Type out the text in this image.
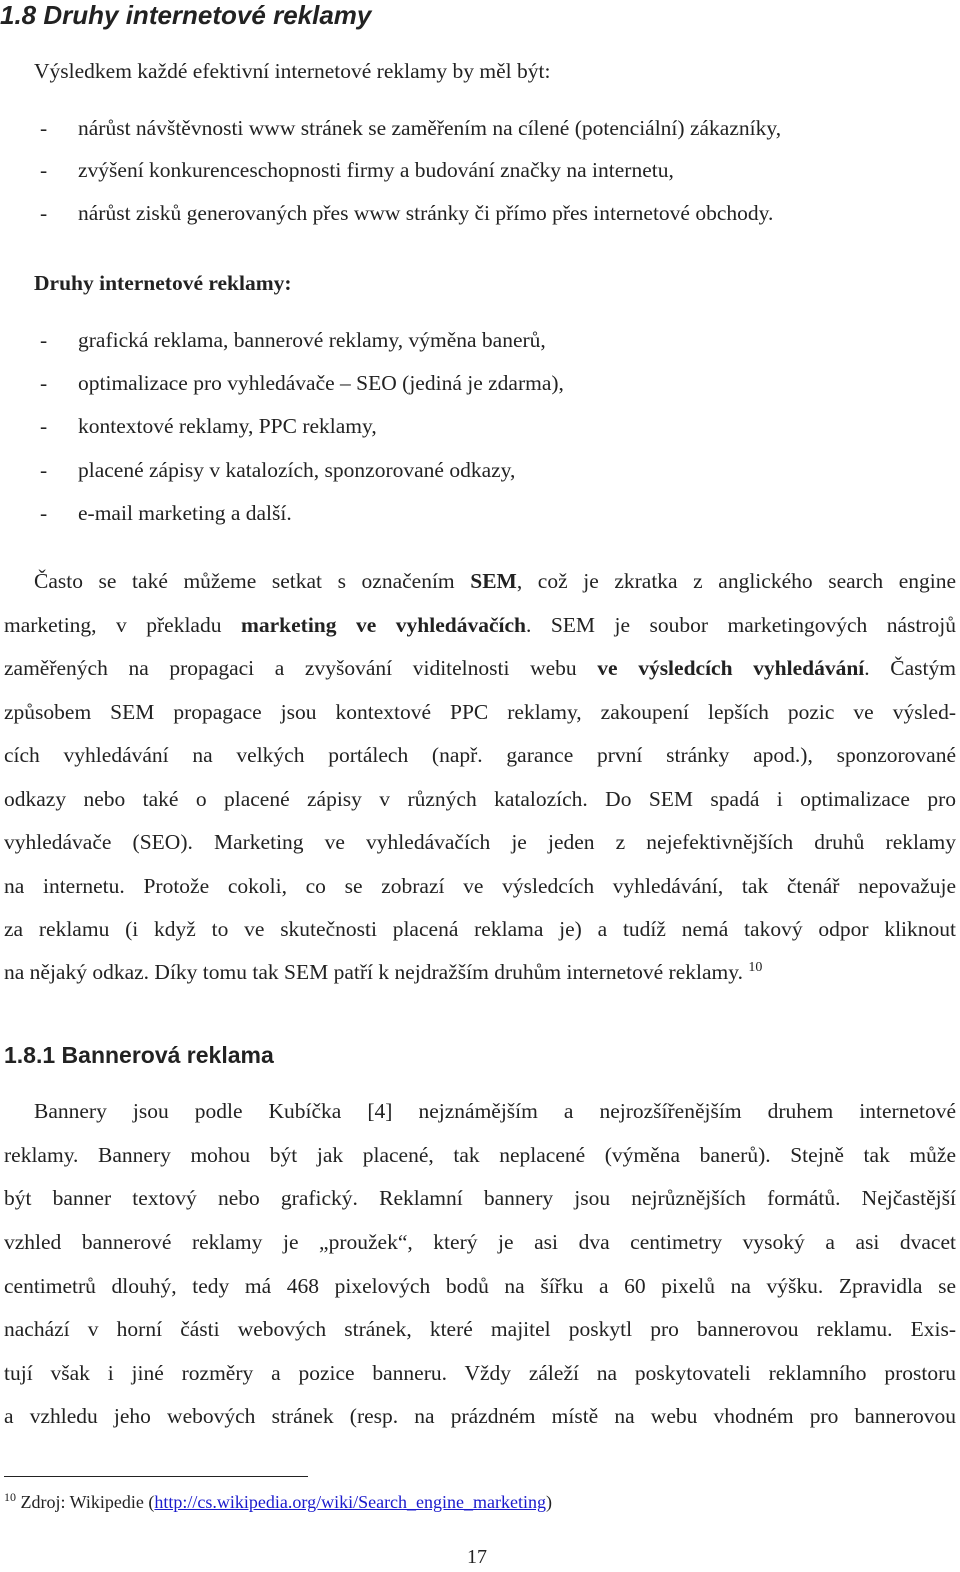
1.8 Druhy internetové reklamy
Výsledkem každé efektivní internetové reklamy by měl být:
- nárůst návštěvnosti www stránek se zaměřením na cílené (potenciální) zákazníky,
- zvýšení konkurenceschopnosti firmy a budování značky na internetu,
- nárůst zisků generovaných přes www stránky či přímo přes internetové obchody.
Druhy internetové reklamy:
- grafická reklama, bannerové reklamy, výměna banerů,
- optimalizace pro vyhledávače – SEO (jediná je zdarma),
- kontextové reklamy, PPC reklamy,
- placené zápisy v katalozích, sponzorované odkazy,
- e-mail marketing a další.
Často se také můžeme setkat s označením SEM, což je zkratka z anglického search engine
marketing, v překladu marketing ve vyhledávačích. SEM je soubor marketingových nástrojů
zaměřených na propagaci a zvyšování viditelnosti webu ve výsledcích vyhledávání. Častým
způsobem SEM propagace jsou kontextové PPC reklamy, zakoupení lepších pozic ve výsled-
cích vyhledávání na velkých portálech (např. garance první stránky apod.), sponzorované
odkazy nebo také o placené zápisy v různých katalozích. Do SEM spadá i optimalizace pro
vyhledávače (SEO). Marketing ve vyhledávačích je jeden z nejefektivnějších druhů reklamy
na internetu. Protože cokoli, co se zobrazí ve výsledcích vyhledávání, tak čtenář nepovažuje
za reklamu (i když to ve skutečnosti placená reklama je) a tudíž nemá takový odpor kliknout
na nějaký odkaz. Díky tomu tak SEM patří k nejdražším druhům internetové reklamy. $^{10}$
1.8.1 Bannerová reklama
Bannery jsou podle Kubíčka [4] nejznámějším a nejrozšířenějším druhem internetové
reklamy. Bannery mohou být jak placené, tak neplacené (výměna banerů). Stejně tak může
být banner textový nebo grafický. Reklamní bannery jsou nejrůznějších formátů. Nejčastější
vzhled bannerové reklamy je „proužek“, který je asi dva centimetry vysoký a asi dvacet
centimetrů dlouhý, tedy má 468 pixelových bodů na šířku a 60 pixelů na výšku. Zpravidla se
nachází v horní části webových stránek, které majitel poskytl pro bannerovou reklamu. Exis-
tují však i jiné rozměry a pozice banneru. Vždy záleží na poskytovateli reklamního prostoru
a vzhledu jeho webových stránek (resp. na prázdném místě na webu vhodném pro bannerovou
$^{10}$ Zdroj: Wikipedie (http://cs.wikipedia.org/wiki/Search_engine_marketing)
17
